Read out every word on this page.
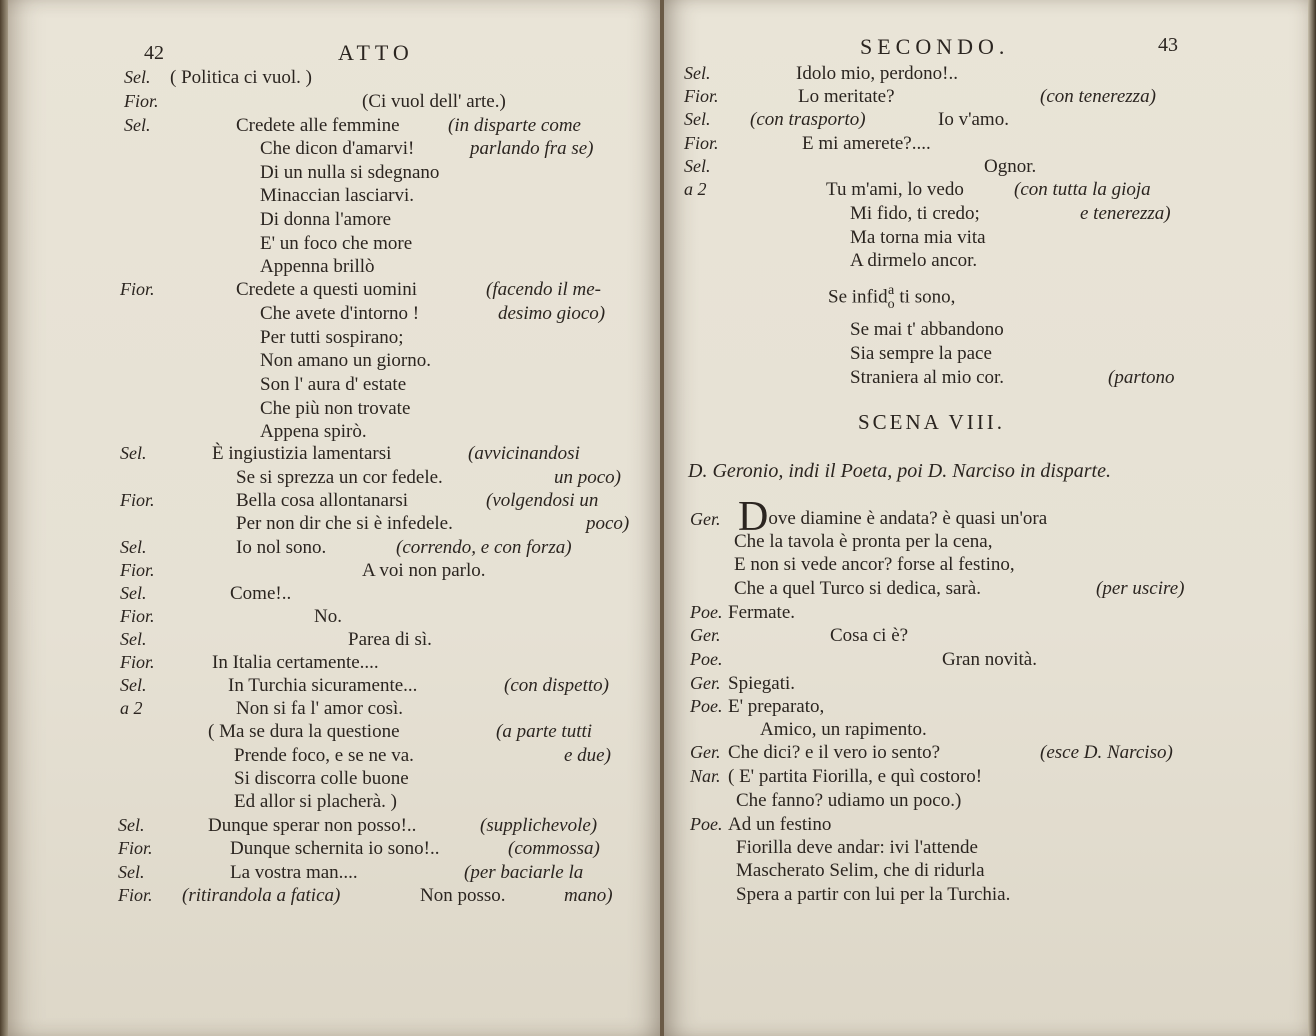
42	ATTO
Sel. ( Politica ci vuol. )
Fior.	(Ci vuol dell' arte.)
Sel.	Credete alle femmine	(in disparte come
Che dicon d'amarvi!	parlando fra se)
Di un nulla si sdegnano
Minaccian lasciarvi.
Di donna l'amore
E' un foco che more
Appenna brillò
Fior.	Credete a questi uomini	(facendo il me-
Che avete d'intorno !	desimo gioco)
Per tutti sospirano;
Non amano un giorno.
Son l' aura d' estate
Che più non trovate
Appena spirò.
Sel.	È ingiustizia lamentarsi	(avvicinandosi
Se si sprezza un cor fedele.	un poco)
Fior.	Bella cosa allontanarsi	(volgendosi un
Per non dir che si è infedele.	poco)
Sel.	Io nol sono.	(correndo, e con forza)
Fior.	A voi non parlo.
Sel.	Come!..
Fior.	No.
Sel.	Parea di sì.
Fior.	In Italia certamente....
Sel.	In Turchia sicuramente...	(con dispetto)
a 2	Non si fa l' amor così.
( Ma se dura la questione	(a parte tutti
Prende foco, e se ne va.	e due)
Si discorra colle buone
Ed allor si placherà. )
Sel.	Dunque sperar non posso!..	(supplichevole)
Fior.	Dunque schernita io sono!..	(commossa)
Sel.	La vostra man....	(per baciarle la
Fior. (ritirandola a fatica)	Non posso.	mano)
SECONDO.	43
Sel.	Idolo mio, perdono!..
Fior.	Lo meritate?	(con tenerezza)
Sel. (con trasporto)	Io v'amo.
Fior.	E mi amerete?....
Sel.	Ognor.
a 2	Tu m'ami, lo vedo	(con tutta la gioja
Mi fido, ti credo;	e tenerezza)
Ma torna mia vita
A dirmelo ancor.
Se infida
o ti sono,
Se mai t' abbandono
Sia sempre la pace
Straniera al mio cor.	(partono
SCENA VIII.
D. Geronio, indi il Poeta, poi D. Narciso in disparte.
Ger. Dove diamine è andata? è quasi un'ora
Che la tavola è pronta per la cena,
E non si vede ancor? forse al festino,
Che a quel Turco si dedica, sarà.	(per uscire)
Poe. Fermate.
Ger.	Cosa ci è?
Poe.	Gran novità.
Ger. Spiegati.
Poe. E' preparato,
Amico, un rapimento.
Ger. Che dici? e il vero io sento?	(esce D. Narciso)
Nar. ( E' partita Fiorilla, e quì costoro!
Che fanno? udiamo un poco.)
Poe. Ad un festino
Fiorilla deve andar: ivi l'attende
Mascherato Selim, che di ridurla
Spera a partir con lui per la Turchia.
